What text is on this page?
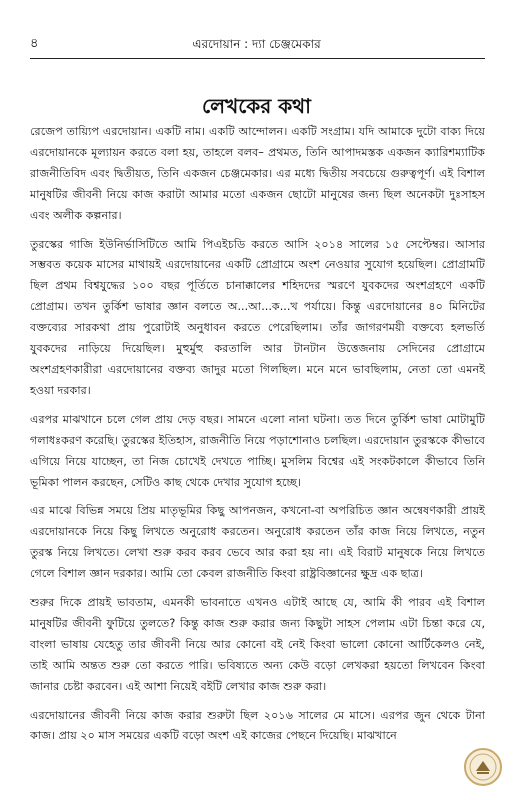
৪	এরদোয়ান : দ্যা চেঞ্জমেকার
লেখকের কথা

রেজেপ তায়্যিপ এরদোয়ান। একটি নাম। একটি আন্দোলন। একটি সংগ্রাম। যদি আমাকে দুটো বাক্য দিয়ে এরদোয়ানকে মূল্যায়ন করতে বলা হয়, তাহলে বলব– প্রথমত, তিনি আপাদমস্তক একজন ক্যারিশম্যাটিক রাজনীতিবিদ এবং দ্বিতীয়ত, তিনি একজন চেঞ্জমেকার। এর মধ্যে দ্বিতীয় সবচেয়ে গুরুত্বপূর্ণ। এই বিশাল মানুষটির জীবনী নিয়ে কাজ করাটা আমার মতো একজন ছোটো মানুষের জন্য ছিল অনেকটা দুঃসাহস এবং অলীক কল্পনার।

তুরস্কের গাজি ইউনির্ভাসিটিতে আমি পিএইচডি করতে আসি ২০১৪ সালের ১৫ সেপ্টেম্বর। আসার সম্ভবত কয়েক মাসের মাথায়ই এরদোয়ানের একটি প্রোগ্রামে অংশ নেওয়ার সুযোগ হয়েছিল। প্রোগ্রামটি ছিল প্রথম বিশ্বযুদ্ধের ১০০ বছর পূর্তিতে চানাক্কালের শহিদদের স্মরণে যুবকদের অংশগ্রহণে একটি প্রোগ্রাম। তখন তুর্কিশ ভাষার জ্ঞান বলতে অ...আ...ক...খ পর্যায়ে। কিন্তু এরদোয়ানের ৪০ মিনিটের বক্তব্যের সারকথা প্রায় পুরোটাই অনুধাবন করতে পেরেছিলাম। তাঁর জাগরণময়ী বক্তব্যে হলভর্তি যুবকদের নাড়িয়ে দিয়েছিল। মুহুর্মুহু করতালি আর টানটান উত্তেজনায় সেদিনের প্রোগ্রামে অংশগ্রহণকারীরা এরদোয়ানের বক্তব্য জাদুর মতো গিলছিল। মনে মনে ভাবছিলাম, নেতা তো এমনই হওয়া দরকার।

এরপর মাঝখানে চলে গেল প্রায় দেড় বছর। সামনে এলো নানা ঘটনা। তত দিনে তুর্কিশ ভাষা মোটামুটি গলাধঃকরণ করেছি। তুরস্কের ইতিহাস, রাজনীতি নিয়ে পড়াশোনাও চলছিল। এরদোয়ান তুরস্ককে কীভাবে এগিয়ে নিয়ে যাচ্ছেন, তা নিজ চোখেই দেখতে পাচ্ছি। মুসলিম বিশ্বের এই সংকটকালে কীভাবে তিনি ভূমিকা পালন করছেন, সেটিও কাছ থেকে দেখার সুযোগ হচ্ছে।

এর মাঝে বিভিন্ন সময়ে প্রিয় মাতৃভূমির কিছু আপনজন, কখনো-বা অপরিচিত জ্ঞান অন্বেষণকারী প্রায়ই এরদোয়ানকে নিয়ে কিছু লিখতে অনুরোধ করতেন। অনুরোধ করতেন তাঁর কাজ নিয়ে লিখতে, নতুন তুরস্ক নিয়ে লিখতে। লেখা শুরু করব করব ভেবে আর করা হয় না। এই বিরাট মানুষকে নিয়ে লিখতে গেলে বিশাল জ্ঞান দরকার। আমি তো কেবল রাজনীতি কিংবা রাষ্ট্রবিজ্ঞানের ক্ষুদ্র এক ছাত্র।

শুরুর দিকে প্রায়ই ভাবতাম, এমনকী ভাবনাতে এখনও এটাই আছে যে, আমি কী পারব এই বিশাল মানুষটির জীবনী ফুটিয়ে তুলতে? কিন্তু কাজ শুরু করার জন্য কিছুটা সাহস পেলাম এটা চিন্তা করে যে, বাংলা ভাষায় যেহেতু তার জীবনী নিয়ে আর কোনো বই নেই কিংবা ভালো কোনো আর্টিকেলও নেই, তাই আমি অন্তত শুরু তো করতে পারি। ভবিষ্যতে অন্য কেউ বড়ো লেখকরা হয়তো লিখবেন কিংবা জানার চেষ্টা করবেন। এই আশা নিয়েই বইটি লেখার কাজ শুরু করা।

এরদোয়ানের জীবনী নিয়ে কাজ করার শুরুটা ছিল ২০১৬ সালের মে মাসে। এরপর জুন থেকে টানা কাজ। প্রায় ২০ মাস সময়ের একটি বড়ো অংশ এই কাজের পেছনে দিয়েছি। মাঝখানে
